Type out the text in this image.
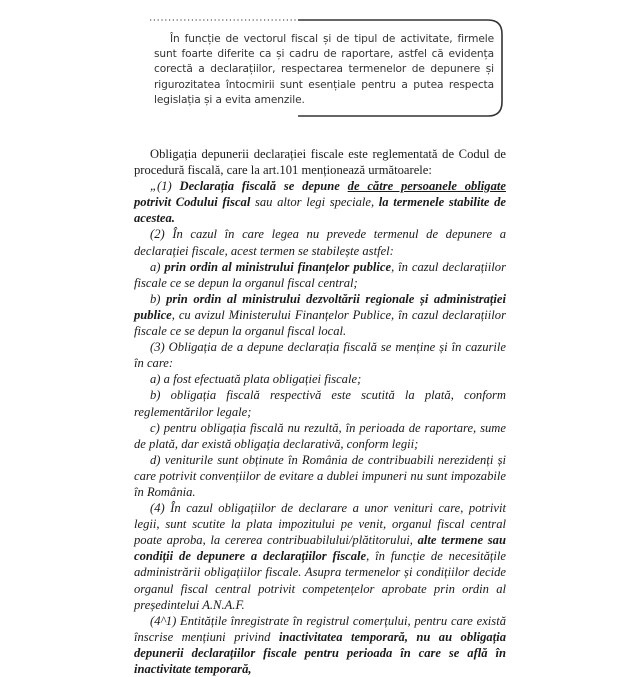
În funcție de vectorul fiscal și de tipul de activitate, firmele sunt foarte diferite ca și cadru de raportare, astfel că evidența corectă a declarațiilor, respectarea termenelor de depunere și rigurozitatea întocmirii sunt esențiale pentru a putea respecta legislația și a evita amenzile.

Obligația depunerii declarației fiscale este reglementată de Codul de procedură fiscală, care la art.101 menționează următoarele:

„(1) Declarația fiscală se depune de către persoanele obligate potrivit Codului fiscal sau altor legi speciale, la termenele stabilite de acestea.

(2) În cazul în care legea nu prevede termenul de depunere a declarației fiscale, acest termen se stabilește astfel:

a) prin ordin al ministrului finanțelor publice, în cazul declarațiilor fiscale ce se depun la organul fiscal central;

b) prin ordin al ministrului dezvoltării regionale și administrației publice, cu avizul Ministerului Finanțelor Publice, în cazul declarațiilor fiscale ce se depun la organul fiscal local.

(3) Obligația de a depune declarația fiscală se menține și în cazurile în care:

a) a fost efectuată plata obligației fiscale;

b) obligația fiscală respectivă este scutită la plată, conform reglementărilor legale;

c) pentru obligația fiscală nu rezultă, în perioada de raportare, sume de plată, dar există obligația declarativă, conform legii;

d) veniturile sunt obținute în România de contribuabili nerezidenți și care potrivit convențiilor de evitare a dublei impuneri nu sunt impozabile în România.

(4) În cazul obligațiilor de declarare a unor venituri care, potrivit legii, sunt scutite la plata impozitului pe venit, organul fiscal central poate aproba, la cererea contribuabilului/plătitorului, alte termene sau condiții de depunere a declarațiilor fiscale, în funcție de necesitățile administrării obligațiilor fiscale. Asupra termenelor și condițiilor decide organul fiscal central potrivit competențelor aprobate prin ordin al președintelui A.N.A.F.

(4^1) Entitățile înregistrate în registrul comerțului, pentru care există înscrise mențiuni privind inactivitatea temporară, nu au obligația depunerii declarațiilor fiscale pentru perioada în care se află în inactivitate temporară,
